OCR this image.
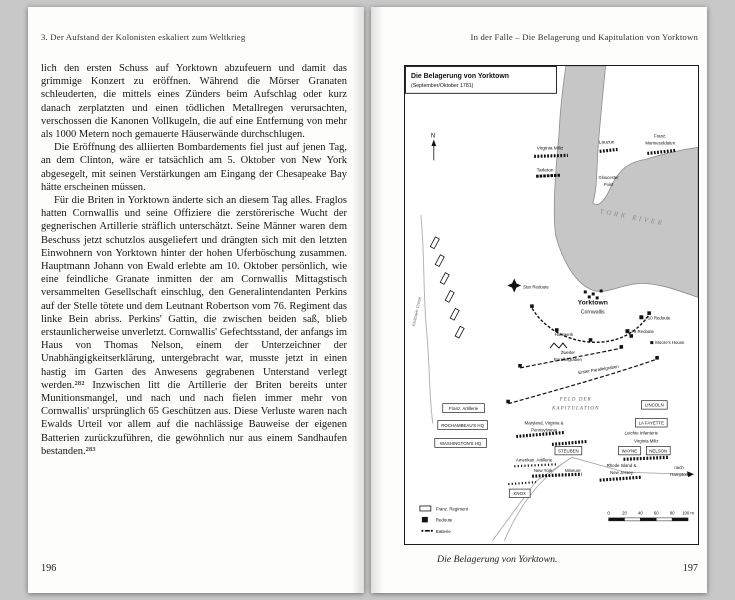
3. Der Aufstand der Kolonisten eskaliert zum Weltkrieg

lich den ersten Schuss auf Yorktown abzufeuern und damit das grimmige Konzert zu eröffnen. Während die Mörser Granaten schleuderten, die mittels eines Zünders beim Aufschlag oder kurz danach zerplatzten und einen tödlichen Metallregen verursachten, verschossen die Kanonen Vollkugeln, die auf eine Entfernung von mehr als 1000 Metern noch gemauerte Häuserwände durchschlugen.

Die Eröffnung des alliierten Bombardements fiel just auf jenen Tag, an dem Clinton, wäre er tatsächlich am 5. Oktober von New York abgesegelt, mit seinen Verstärkungen am Eingang der Chesapeake Bay hätte erscheinen müssen.

Für die Briten in Yorktown änderte sich an diesem Tag alles. Fraglos hatten Cornwallis und seine Offiziere die zerstörerische Wucht der gegnerischen Artillerie sträflich unterschätzt. Seine Männer waren dem Beschuss jetzt schutzlos ausgeliefert und drängten sich mit den letzten Einwohnern von Yorktown hinter der hohen Uferböschung zusammen. Hauptmann Johann von Ewald erlebte am 10. Oktober persönlich, wie eine feindliche Granate inmitten der am Cornwallis Mittagstisch versammelten Gesellschaft einschlug, den Generalintendanten Perkins auf der Stelle tötete und dem Leutnant Robertson vom 76. Regiment das linke Bein abriss. Perkins' Gattin, die zwischen beiden saß, blieb erstaunlicherweise unverletzt. Cornwallis' Gefechtsstand, der anfangs im Haus von Thomas Nelson, einem der Unterzeichner der Unabhängigkeitserklärung, untergebracht war, musste jetzt in einen hastig im Garten des Anwesens gegrabenen Unterstand verlegt werden.²⁸² Inzwischen litt die Artillerie der Briten bereits unter Munitionsmangel, und nach und nach fielen immer mehr von Cornwallis' ursprünglich 65 Geschützen aus. Diese Verluste waren nach Ewalds Urteil vor allem auf die nachlässige Bauweise der eigenen Batterien zurückzuführen, die gewöhnlich nur aus einem Sandhaufen bestanden.²⁸³

196
In der Falle – Die Belagerung und Kapitulation von Yorktown
Virginia Miliz
Lauzun
Franz.
Marinesoldaten
Tarleton
Gloucester
Point
YORK RIVER
Yorktown Creek
Star Redoute
Yorktown
Cornwallis
#10 Redoute
#9 Redoute
Hornwerk
Zweiter
Parallelgraben
Moore's House
Erster Parallelgraben
FELD DER
KAPITULATION
Franz. Artillerie
ROCHAMBEAU'S HQ
WASHINGTON'S HQ
LINCOLN
LA FAYETTE
WAYNE	NELSON
STEUBEN
KNOX
Maryland, Virginia &
Pennsylvania
Leichte Infanterie
Virginia Miliz
Amerikan. Artillerie
New York	Mineure
Rhode Island &
New Jersey
nach
Hampton
Franz. Regiment
Redoute
Batterie
0	20	40	60	80 100 m
Die Belagerung von Yorktown
(September/Oktober 1781)
N
Die Belagerung von Yorktown.
197
